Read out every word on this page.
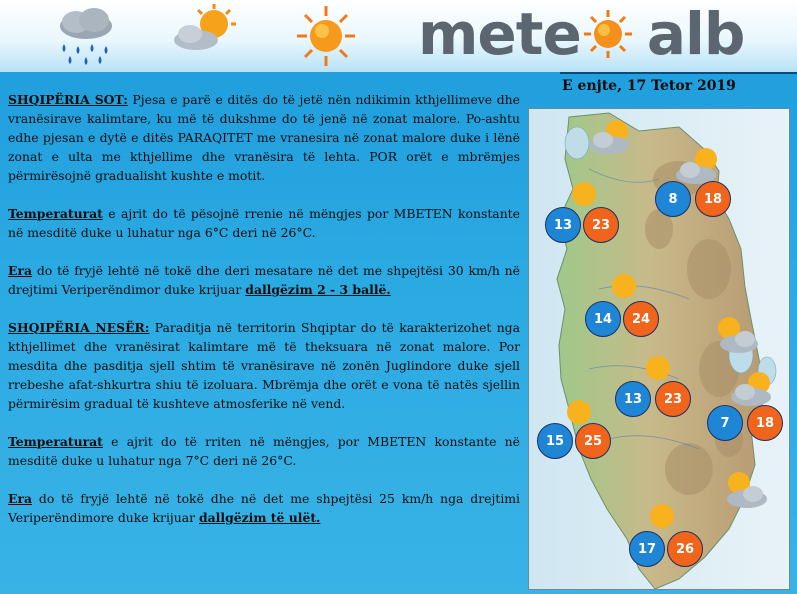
mete alb
E enjte, 17 Tetor 2019

SHQIPËRIA SOT: Pjesa e parë e ditës do të jetë nën ndikimin kthjellimeve dhe vranësirave kalimtare, ku më të dukshme do të jenë në zonat malore. Po-ashtu edhe pjesan e dytë e ditës PARAQITET me vranesira në zonat malore duke i lënë zonat e ulta me kthjellime dhe vranësira të lehta. POR orët e mbrëmjes përmirësojnë gradualisht kushte e motit.

Temperaturat e ajrit do të pësojnë rrenie në mëngjes por MBETEN konstante në mesditë duke u luhatur nga 6°C deri në 26°C.

Era do të fryjë lehtë në tokë dhe deri mesatare në det me shpejtësi 30 km/h në drejtimi Veriperëndimor duke krijuar dallgëzim 2 - 3 ballë.

SHQIPËRIA NESËR: Paraditja në territorin Shqiptar do të karakterizohet nga kthjellimet dhe vranësirat kalimtare më të theksuara në zonat malore. Por mesdita dhe pasditja sjell shtim të vranësirave në zonën Juglindore duke sjell rrebeshe afat-shkurtra shiu të izoluara. Mbrëmja dhe orët e vona të natës sjellin përmirësim gradual të kushteve atmosferike në vend.

Temperaturat e ajrit do të rriten në mëngjes, por MBETEN konstante në mesditë duke u luhatur nga 7°C deri në 26°C.

Era do të fryjë lehtë në tokë dhe në det me shpejtësi 25 km/h nga drejtimi Veriperëndimore duke krijuar dallgëzim të ulët.

8	18
13	23
14	24
13	23
7	18
15	25
17	26
